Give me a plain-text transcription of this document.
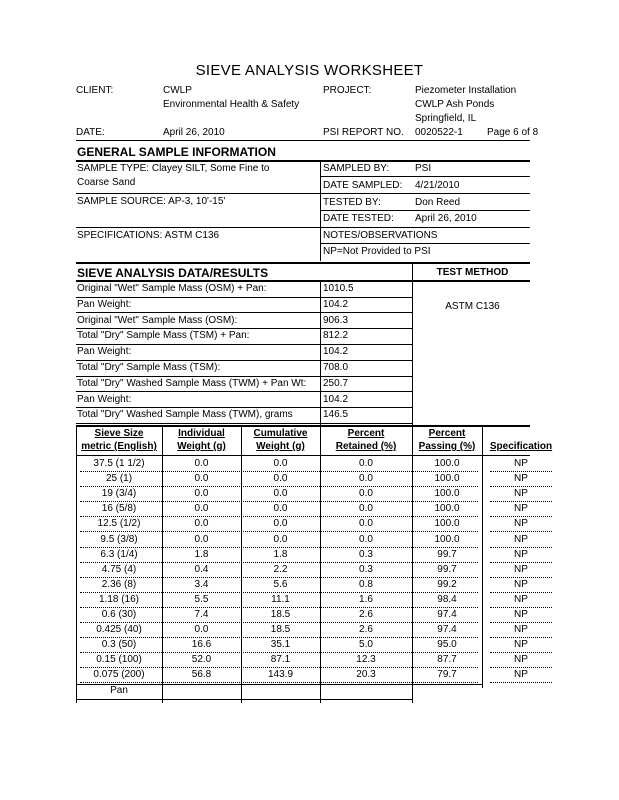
SIEVE ANALYSIS WORKSHEET
CLIENT:	CWLP
Environmental Health & Safety
PROJECT:	Piezometer Installation
CWLP Ash Ponds
Springfield, IL
DATE:	April 26, 2010	PSI REPORT NO. 0020522-1 Page 6 of 8
GENERAL SAMPLE INFORMATION
SAMPLE TYPE: Clayey SILT, Some Fine to
Coarse Sand
SAMPLE SOURCE: AP-3, 10'-15'
SPECIFICATIONS: ASTM C136
SAMPLED BY:	PSI
DATE SAMPLED: 4/21/2010
TESTED BY:	Don Reed
DATE TESTED: April 26, 2010
NOTES/OBSERVATIONS
NP=Not Provided to PSI
SIEVE ANALYSIS DATA/RESULTS	TEST METHOD
ASTM C136
Original "Wet" Sample Mass (OSM) + Pan:	1010.5
Pan Weight:	104.2
Original "Wet" Sample Mass (OSM):	906.3
Total "Dry" Sample Mass (TSM) + Pan:	812.2
Pan Weight:	104.2
Total "Dry" Sample Mass (TSM):	708.0
Total "Dry" Washed Sample Mass (TWM) + Pan Wt: 250.7
Pan Weight:	104.2
Total "Dry" Washed Sample Mass (TWM), grams	146.5
Sieve Size
metric (English)
Individual
Weight (g)
Cumulative
Weight (g)
Percent
Retained (%)
Percent
Passing (%)	Specification
37.5 (1 1/2)	0.0	0.0	0.0	100.0	NP
25 (1)	0.0	0.0	0.0	100.0	NP
19 (3/4)	0.0	0.0	0.0	100.0	NP
16 (5/8)	0.0	0.0	0.0	100.0	NP
12.5 (1/2)	0.0	0.0	0.0	100.0	NP
9.5 (3/8)	0.0	0.0	0.0	100.0	NP
6.3 (1/4)	1.8	1.8	0.3	99.7	NP
4.75 (4)	0.4	2.2	0.3	99.7	NP
2.36 (8)	3.4	5.6	0.8	99.2	NP
1.18 (16)	5.5	11.1	1.6	98.4	NP
0.6 (30)	7.4	18.5	2.6	97.4	NP
0.425 (40)	0.0	18.5	2.6	97.4	NP
0.3 (50)	16.6	35.1	5.0	95.0	NP
0.15 (100)	52.0	87.1	12.3	87.7	NP
0.075 (200)	56.8	143.9	20.3	79.7	NP
Pan
